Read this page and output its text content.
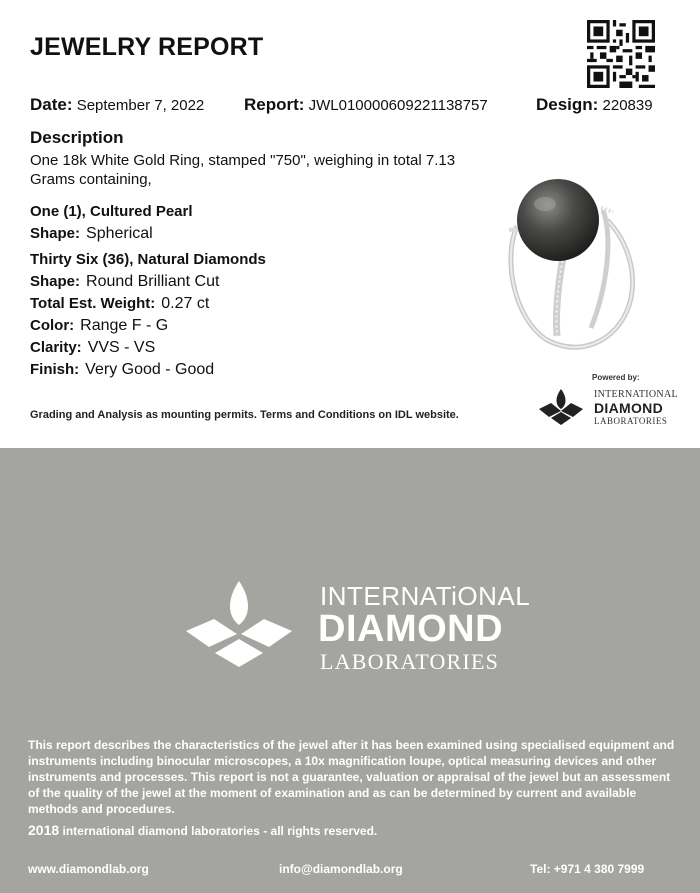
JEWELRY REPORT
Date: September 7, 2022 Report: JWL010000609221138757	Design: 220839
Description
One 18k White Gold Ring, stamped "750", weighing in total 7.13 Grams containing,
One (1), Cultured Pearl
Shape: Spherical
Thirty Six (36), Natural Diamonds
Shape: Round Brilliant Cut
Total Est. Weight: 0.27 ct
Color: Range F - G
Clarity: VVS - VS
Finish: Very Good - Good	Powered by:
INTERNATIONAL
DIAMOND
LABORATORIES
Grading and Analysis as mounting permits. Terms and Conditions on IDL website.
INTERNATiONAL
DIAMOND
LABORATORIES
This report describes the characteristics of the jewel after it has been examined using specialised equipment and instruments including binocular microscopes, a 10x magnification loupe, optical measuring devices and other instruments and processes. This report is not a guarantee, valuation or appraisal of the jewel but an assessment of the quality of the jewel at the moment of examination and as can be determined by current and available methods and procedures.
2018 international diamond laboratories - all rights reserved.
www.diamondlab.org	info@diamondlab.org	Tel: +971 4 380 7999
